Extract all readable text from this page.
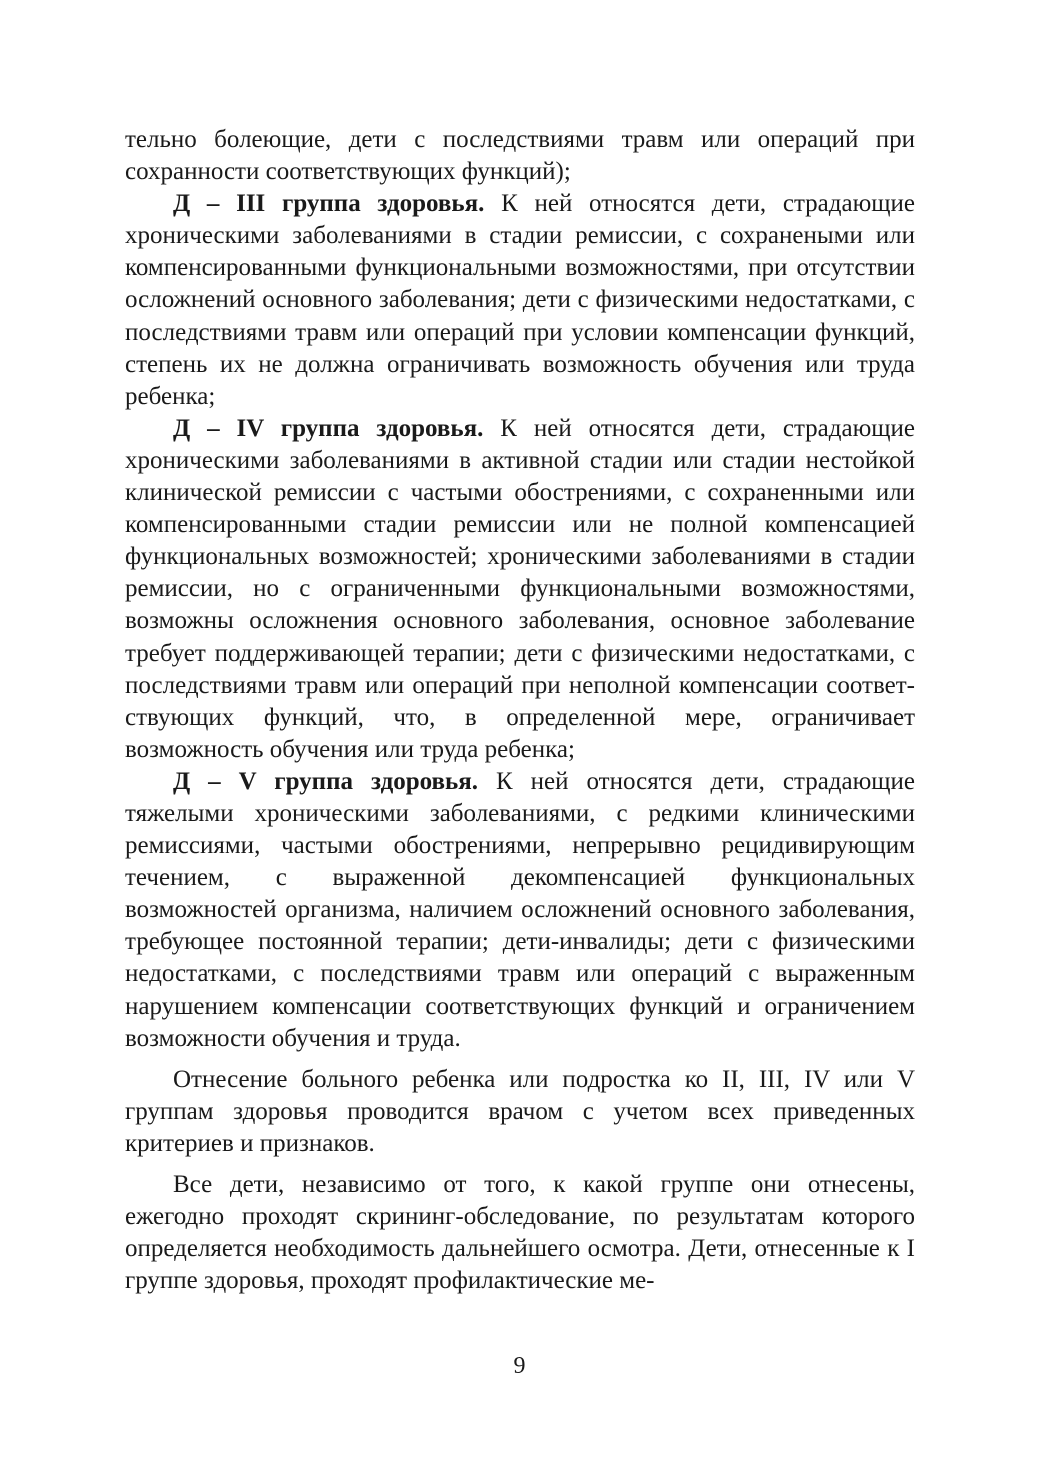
тельно болеющие, дети с последствиями травм или операций при сохранности соответствующих функций);

Д – III группа здоровья. К ней относятся дети, страдающие хроническими заболеваниями в стадии ремиссии, с сохранеными или компенсированными функциональными возможностями, при отсутствии осложнений основного заболевания; дети с физическими недостатками, с последствиями травм или операций при условии компенсации функций, степень их не должна ограничивать возможность обучения или труда ребенка;

Д – IV группа здоровья. К ней относятся дети, страдающие хроническими заболеваниями в активной стадии или стадии нестойкой клинической ремиссии с частыми обострениями, с сохраненными или компенсированными стадии ремиссии или не полной компенсацией функциональных возможностей; хроническими заболеваниями в стадии ремиссии, но с ограниченными функциональными возможностями, возможны осложнения основного заболевания, основное заболевание требует поддерживающей терапии; дети с физическими недостатками, с последствиями травм или операций при неполной компенсации соответствующих функций, что, в определенной мере, ограничивает возможность обучения или труда ребенка;

Д – V группа здоровья. К ней относятся дети, страдающие тяжелыми хроническими заболеваниями, с редкими клиническими ремиссиями, частыми обострениями, непрерывно рецидивирующим течением, с выраженной декомпенсацией функциональных возможностей организма, наличием осложнений основного заболевания, требующее постоянной терапии; дети-инвалиды; дети с физическими недостатками, с последствиями травм или операций с выраженным нарушением компенсации соответствующих функций и ограничением возможности обучения и труда.

Отнесение больного ребенка или подростка ко II, III, IV или V группам здоровья проводится врачом с учетом всех приведенных критериев и признаков.

Все дети, независимо от того, к какой группе они отнесены, ежегодно проходят скрининг-обследование, по результатам которого определяется необходимость дальнейшего осмотра. Дети, отнесенные к I группе здоровья, проходят профилактические ме-

9
